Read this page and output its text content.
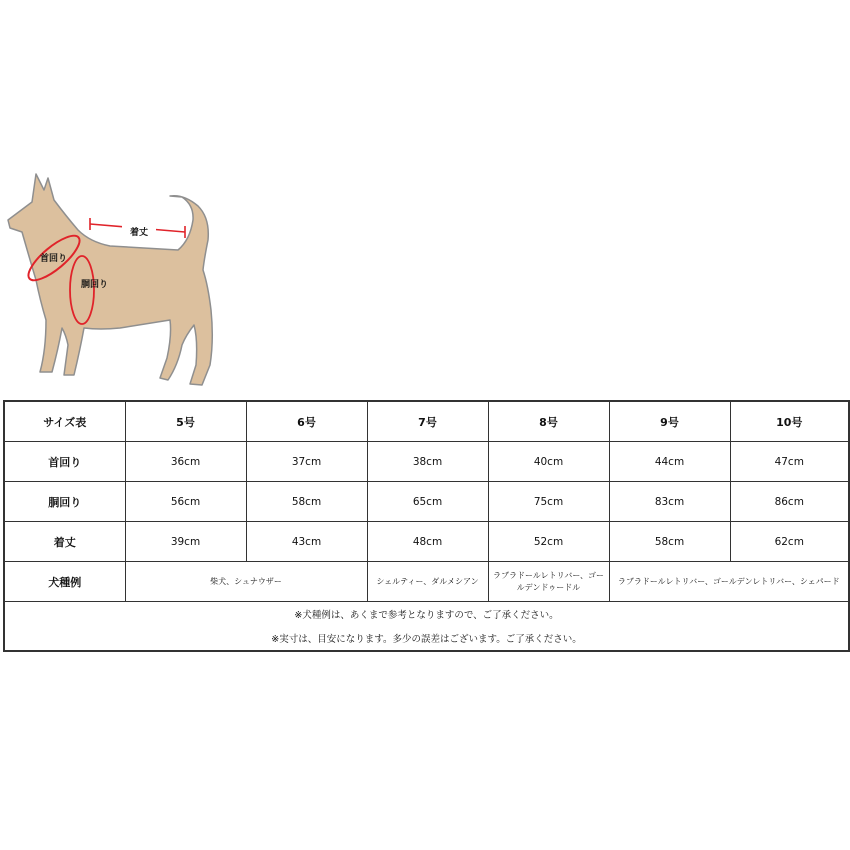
着丈
首回り
胴回り
サイズ表	5号	6号	7号	8号	9号	10号
首回り	36cm	37cm	38cm	40cm	44cm	47cm
胴回り	56cm	58cm	65cm	75cm	83cm	86cm
着丈	39cm	43cm	48cm	52cm	58cm	62cm
犬種例	柴犬、シュナウザー		シェルティー、ダルメシアン	ラブラドールレトリバー、ゴールデンドゥードル	ラブラドールレトリバー、ゴールデンレトリバー、シェパード	
※犬種例は、あくまで参考となりますので、ご了承ください。						
※実寸は、目安になります。多少の誤差はございます。ご了承ください。						
